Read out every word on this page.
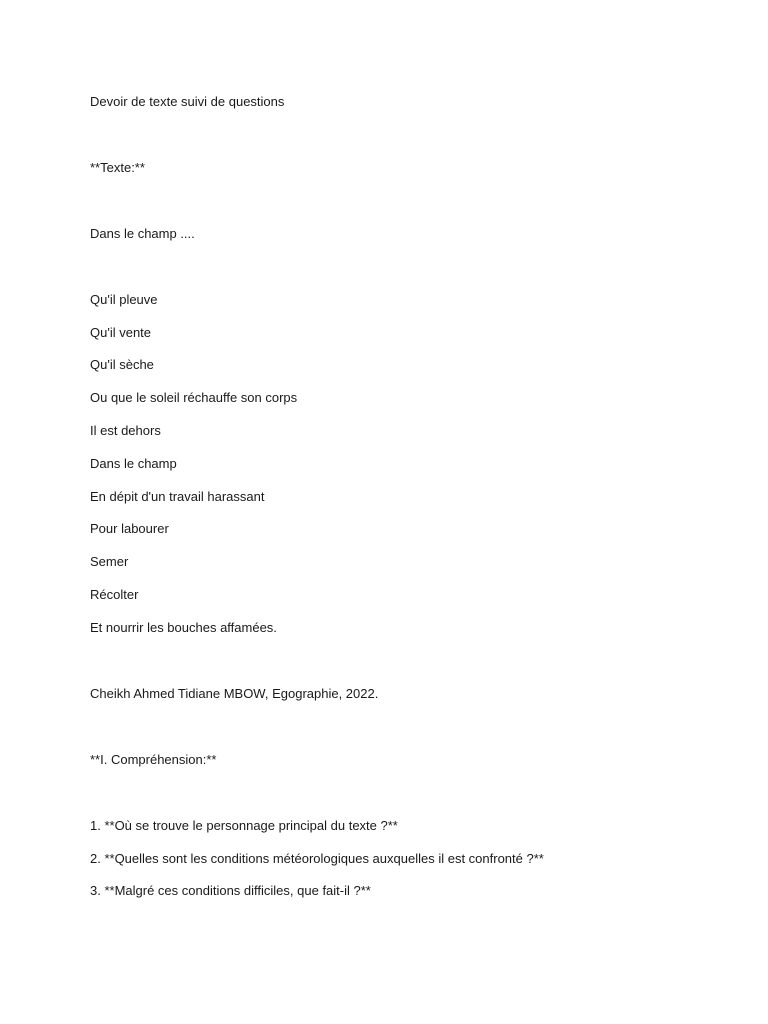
Devoir de texte suivi de questions

**Texte:**

Dans le champ ....

Qu'il pleuve

Qu'il vente

Qu'il sèche

Ou que le soleil réchauffe son corps

Il est dehors

Dans le champ

En dépit d'un travail harassant

Pour labourer

Semer

Récolter

Et nourrir les bouches affamées.

Cheikh Ahmed Tidiane MBOW, Egographie, 2022.

**I. Compréhension:**

1. **Où se trouve le personnage principal du texte ?**

2. **Quelles sont les conditions météorologiques auxquelles il est confronté ?**

3. **Malgré ces conditions difficiles, que fait-il ?**
